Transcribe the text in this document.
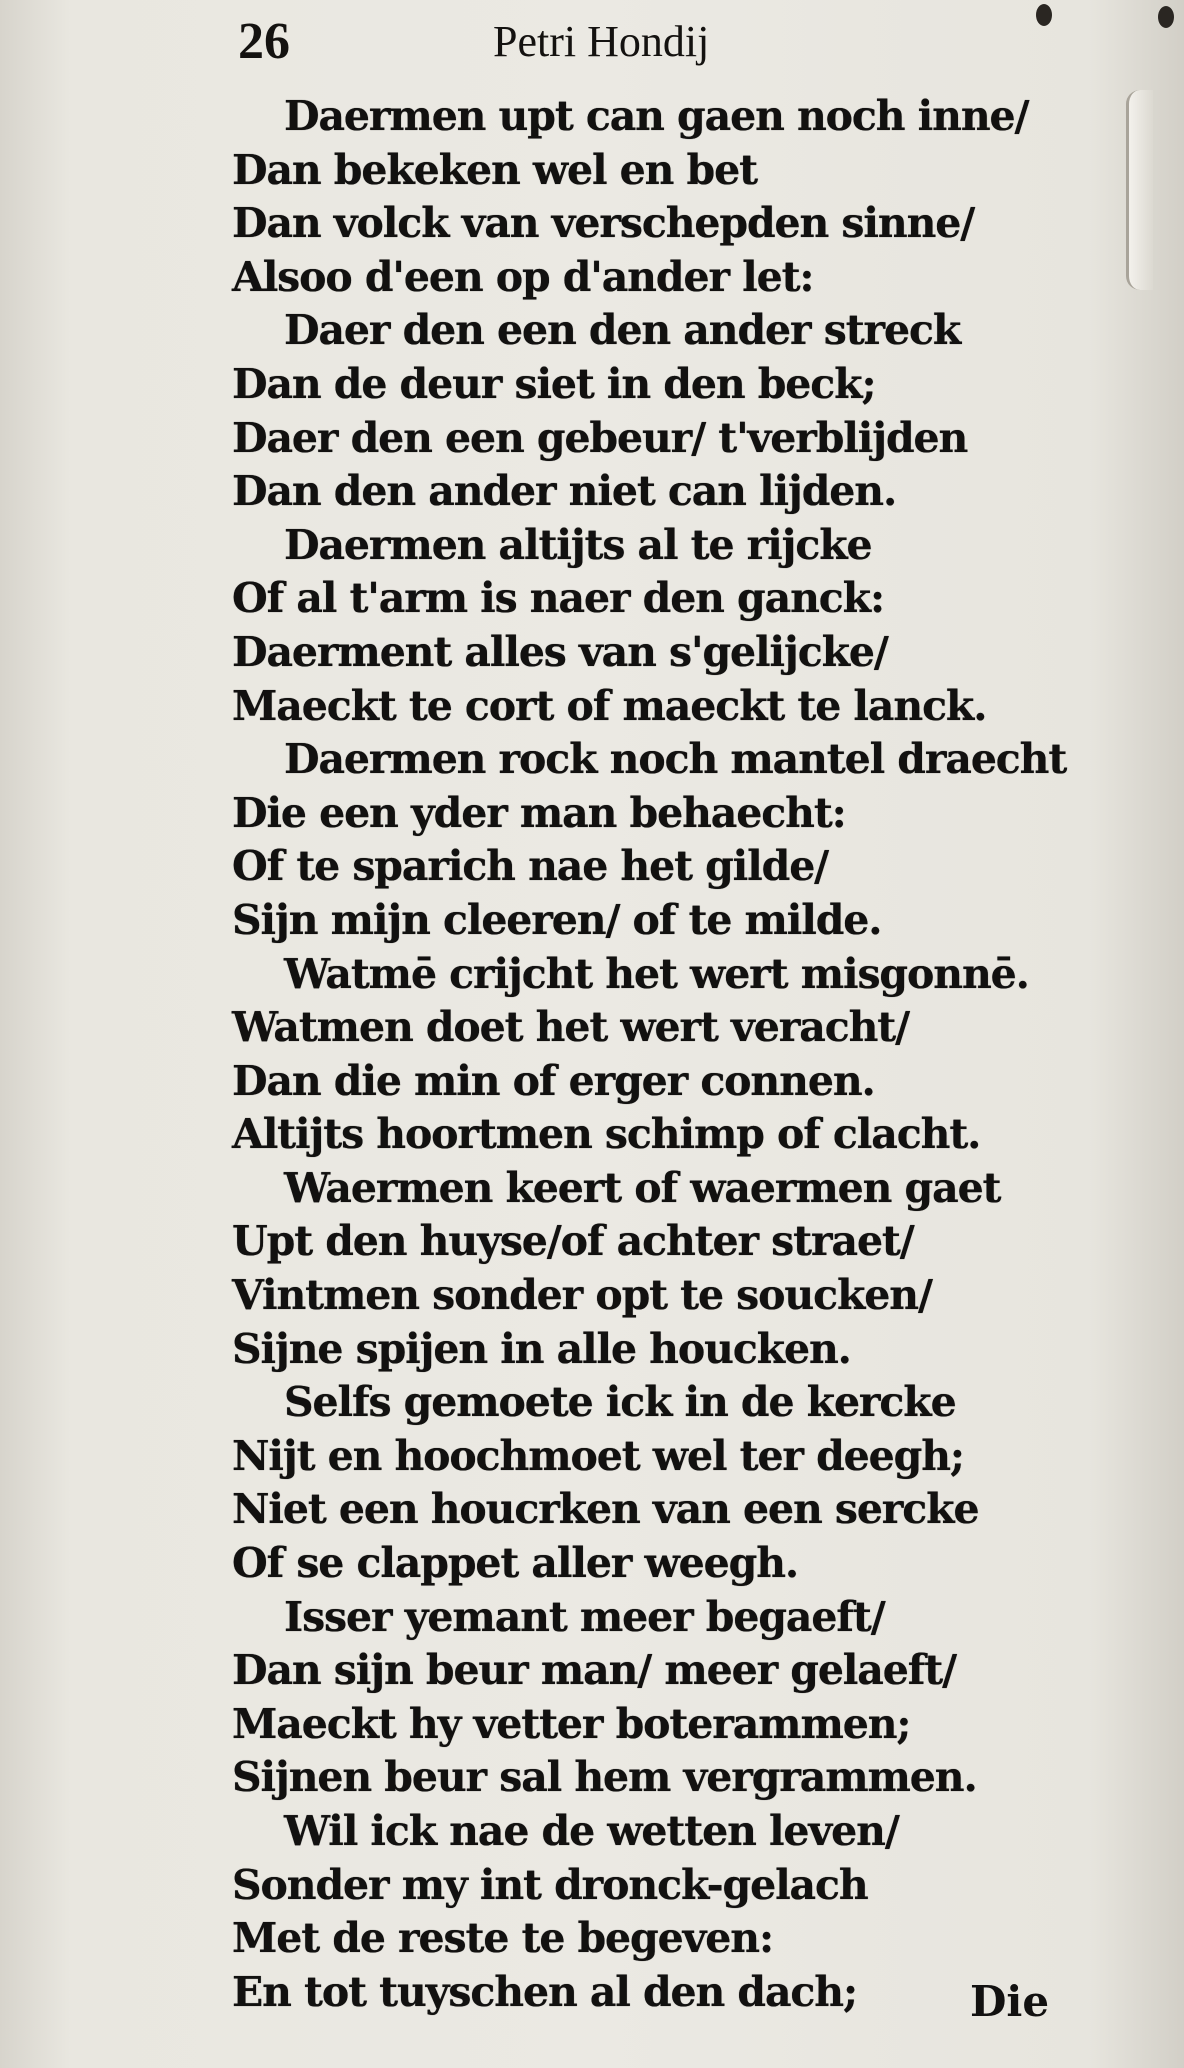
26	Petri Hondij
Daermen upt can gaen noch inne/
Dan bekeken wel en bet
Dan volck van verschepden sinne/
Alsoo d'een op d'ander let:
Daer den een den ander streck
Dan de deur siet in den beck;
Daer den een gebeur/ t'verblijden
Dan den ander niet can lijden.
Daermen altijts al te rijcke
Of al t'arm is naer den ganck:
Daerment alles van s'gelijcke/
Maeckt te cort of maeckt te lanck.
Daermen rock noch mantel draecht
Die een yder man behaecht:
Of te sparich nae het gilde/
Sijn mijn cleeren/ of te milde.
Watmē crijcht het wert misgonnē.
Watmen doet het wert veracht/
Dan die min of erger connen.
Altijts hoortmen schimp of clacht.
Waermen keert of waermen gaet
Upt den huyse/of achter straet/
Vintmen sonder opt te soucken/
Sijne spijen in alle houcken.
Selfs gemoete ick in de kercke
Nijt en hoochmoet wel ter deegh;
Niet een houcrken van een sercke
Of se clappet aller weegh.
Isser yemant meer begaeft/
Dan sijn beur man/ meer gelaeft/
Maeckt hy vetter boterammen;
Sijnen beur sal hem vergrammen.
Wil ick nae de wetten leven/
Sonder my int dronck-gelach
Met de reste te begeven:
En tot tuyschen al den dach;	Die
